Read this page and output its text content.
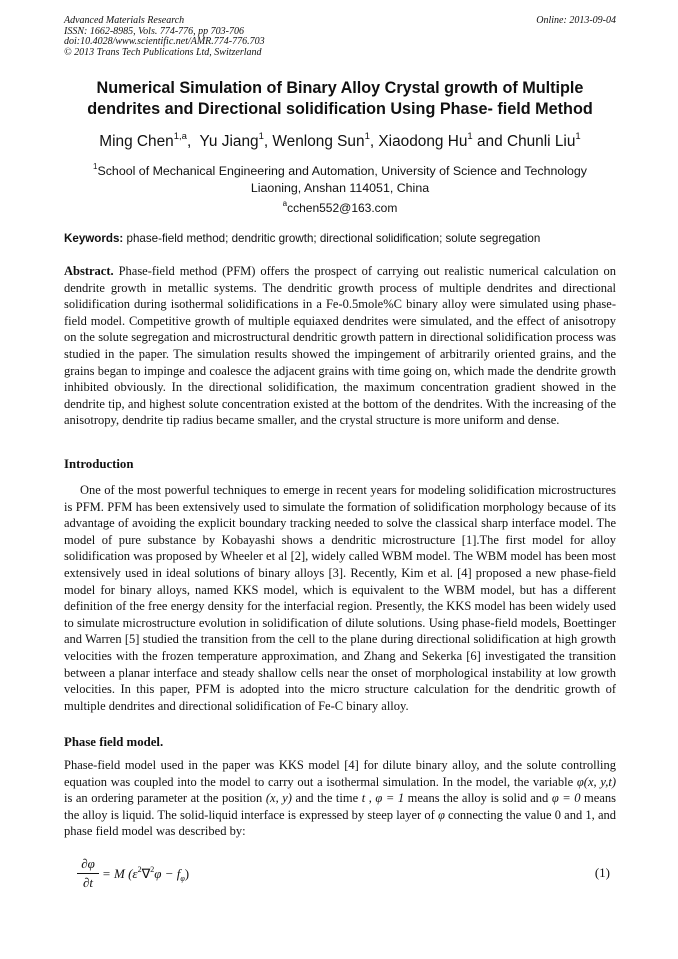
Advanced Materials Research
ISSN: 1662-8985, Vols. 774-776, pp 703-706
doi:10.4028/www.scientific.net/AMR.774-776.703
© 2013 Trans Tech Publications Ltd, Switzerland
Online: 2013-09-04
Numerical Simulation of Binary Alloy Crystal growth of Multiple
dendrites and Directional solidification Using Phase- field Method
Ming Chen$^{1,a}$,  Yu Jiang$^1$, Wenlong Sun$^1$, Xiaodong Hu$^1$ and Chunli Liu$^1$
$^1$School of Mechanical Engineering and Automation, University of Science and Technology
Liaoning, Anshan 114051, China
$^a$cchen552@163.com
Keywords: phase-field method; dendritic growth; directional solidification; solute segregation

Abstract. Phase-field method (PFM) offers the prospect of carrying out realistic numerical calculation on dendrite growth in metallic systems. The dendritic growth process of multiple dendrites and directional solidification during isothermal solidifications in a Fe-0.5mole%C binary alloy were simulated using phase-field model. Competitive growth of multiple equiaxed dendrites were simulated, and the effect of anisotropy on the solute segregation and microstructural dendritic growth pattern in directional solidification process was studied in the paper. The simulation results showed the impingement of arbitrarily oriented grains, and the grains began to impinge and coalesce the adjacent grains with time going on, which made the dendrite growth inhibited obviously. In the directional solidification, the maximum concentration gradient showed in the dendrite tip, and highest solute concentration existed at the bottom of the dendrites. With the increasing of the anisotropy, dendrite tip radius became smaller, and the crystal structure is more uniform and dense.

Introduction

One of the most powerful techniques to emerge in recent years for modeling solidification microstructures is PFM. PFM has been extensively used to simulate the formation of solidification morphology because of its advantage of avoiding the explicit boundary tracking needed to solve the classical sharp interface model. The model of pure substance by Kobayashi shows a dendritic microstructure [1].The first model for alloy solidification was proposed by Wheeler et al [2], widely called WBM model. The WBM model has been most extensively used in ideal solutions of binary alloys [3]. Recently, Kim et al. [4] proposed a new phase-field model for binary alloys, named KKS model, which is equivalent to the WBM model, but has a different definition of the free energy density for the interfacial region. Presently, the KKS model has been widely used to simulate microstructure evolution in solidification of dilute solutions. Using phase-field models, Boettinger and Warren [5] studied the transition from the cell to the plane during directional solidification at high growth velocities with the frozen temperature approximation, and Zhang and Sekerka [6] investigated the transition between a planar interface and steady shallow cells near the onset of morphological instability at low growth velocities. In this paper, PFM is adopted into the micro structure calculation for the dendritic growth of multiple dendrites and directional solidification of Fe-C binary alloy.

Phase field model.

Phase-field model used in the paper was KKS model [4] for dilute binary alloy, and the solute controlling equation was coupled into the model to carry out a isothermal simulation. In the model, the variable φ(x, y,t) is an ordering parameter at the position (x, y) and the time t , φ = 1 means the alloy is solid and φ = 0 means the alloy is liquid. The solid-liquid interface is expressed by steep layer of φ connecting the value 0 and 1, and phase field model was described by:

∂φ
∂t
= M $(\varepsilon^2\nabla^2\varphi - f_\varphi)$	(1)
